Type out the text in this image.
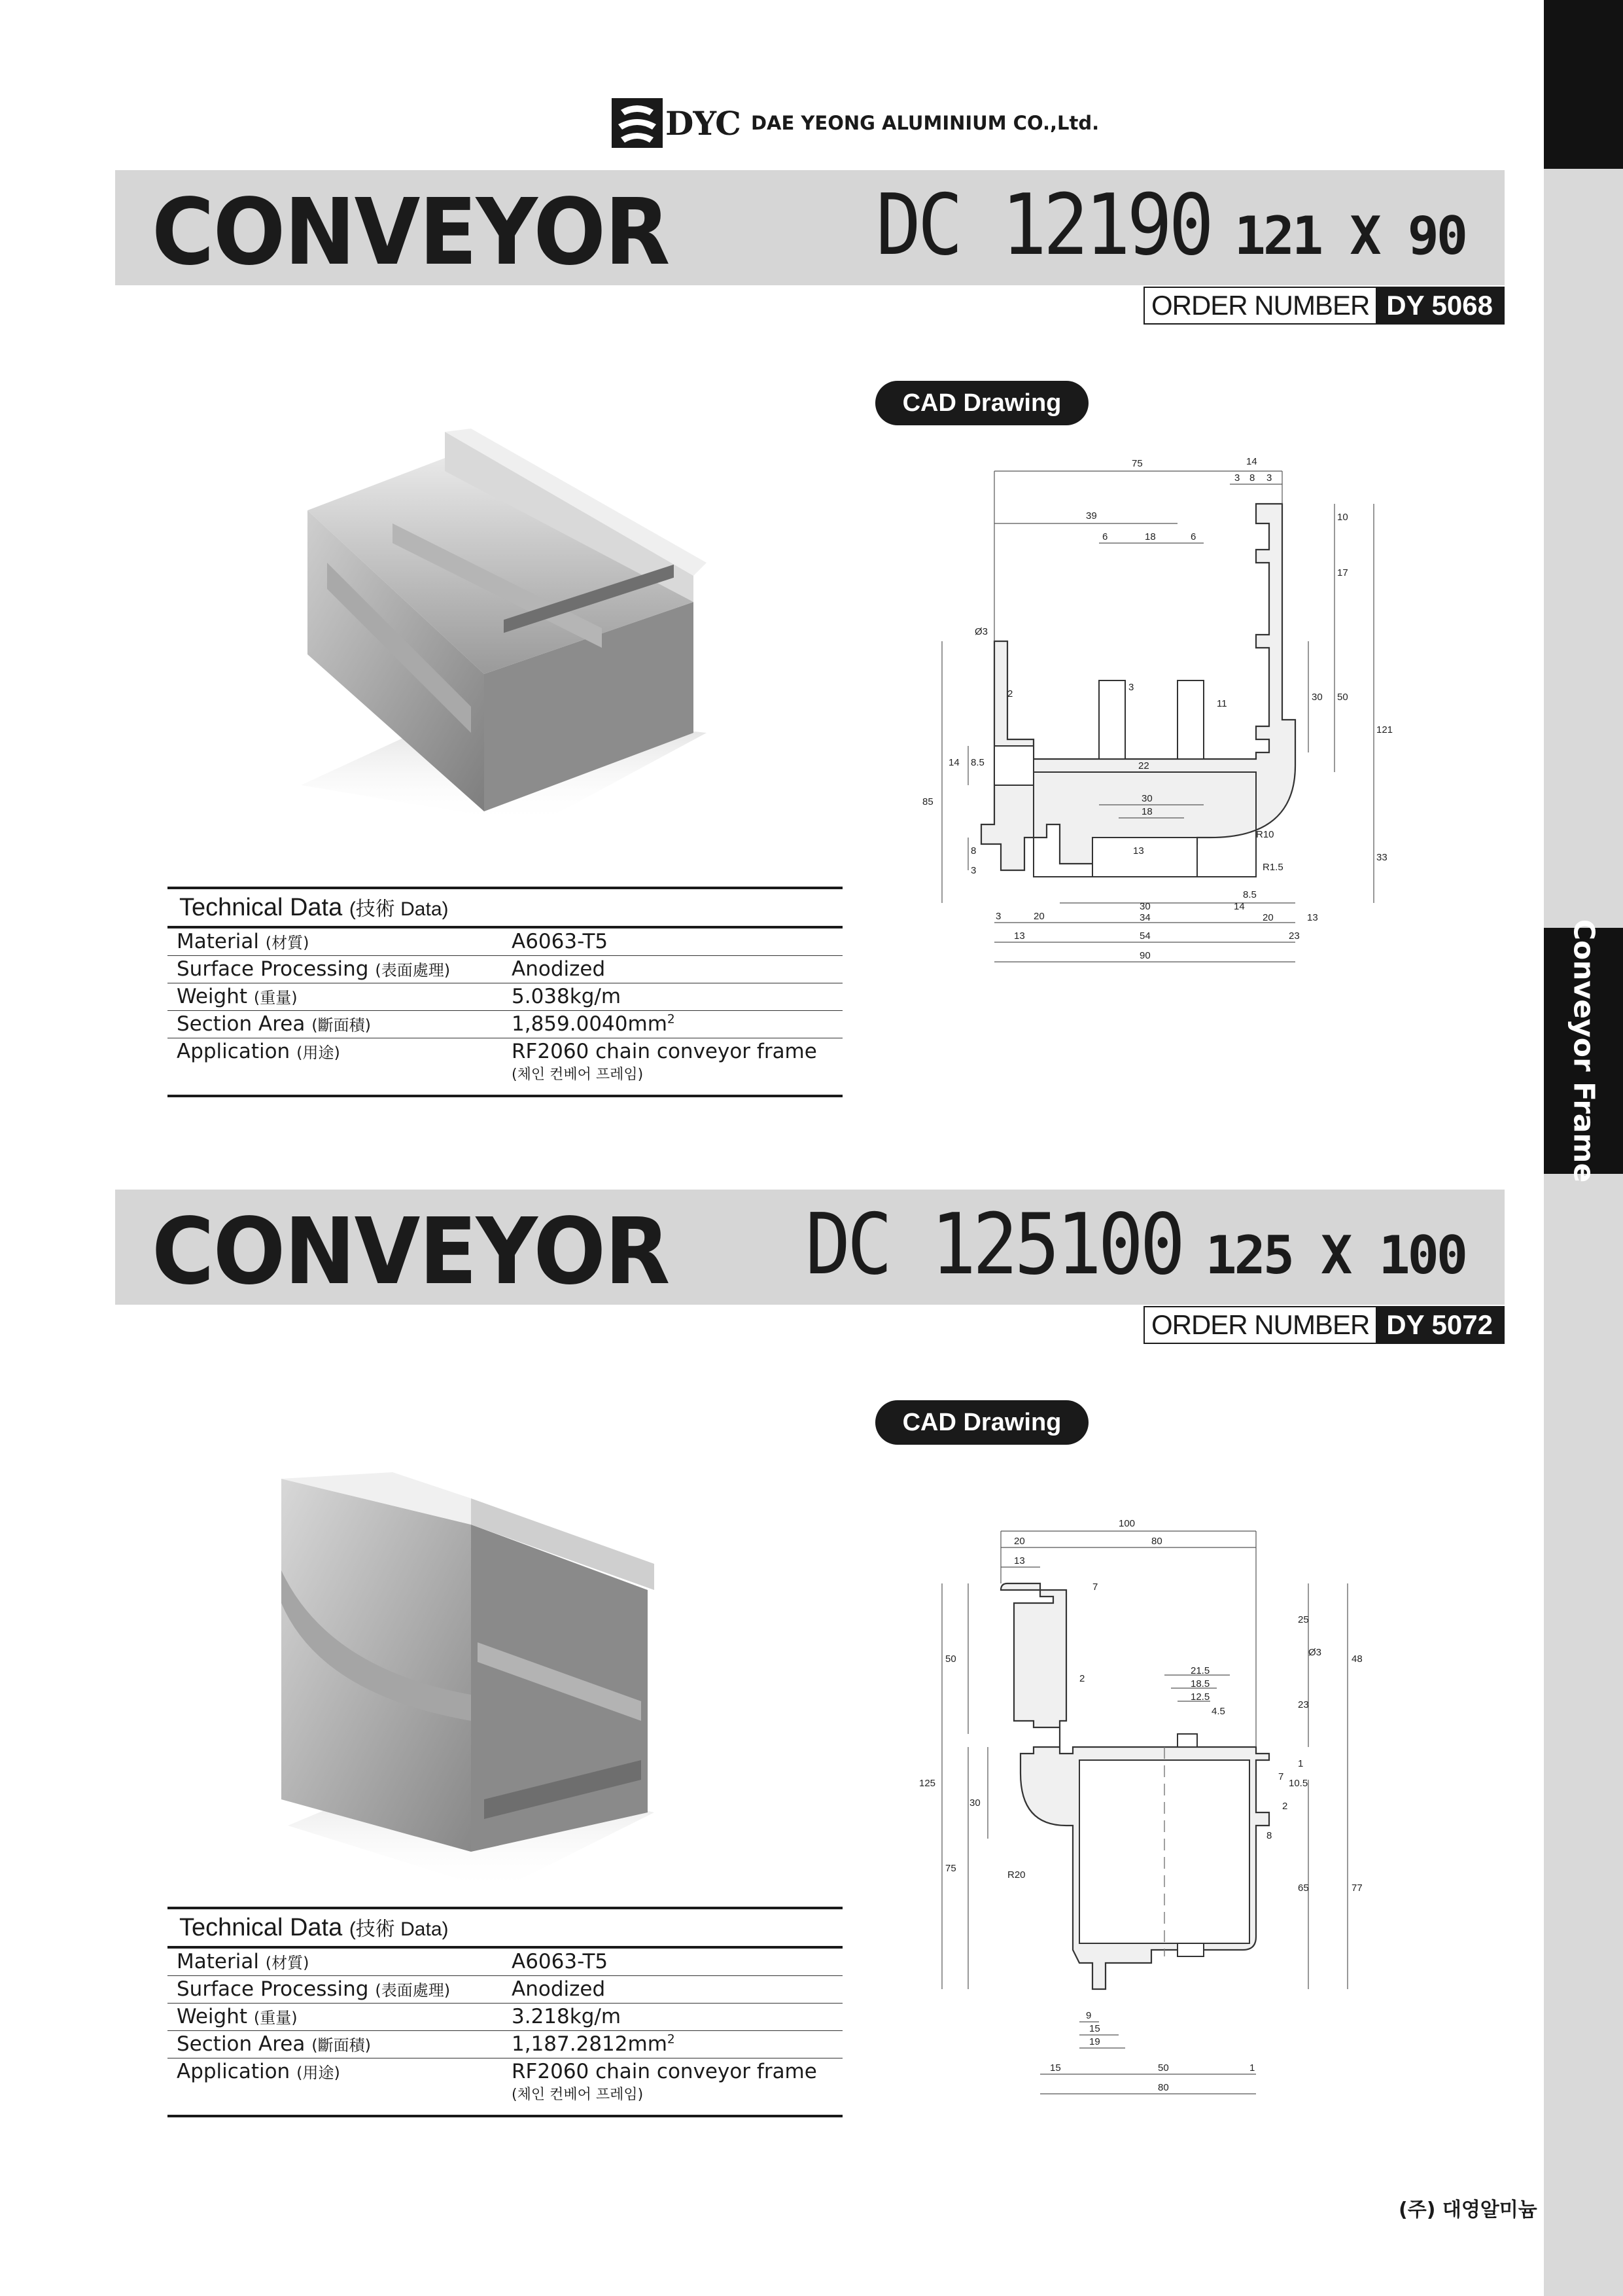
Conveyor Frame
DYC DAE YEONG ALUMINIUM CO.,Ltd.
CONVEYOR DC 12190 121 X 90
ORDER NUMBER DY 5068
CAD Drawing
Technical Data (技術 Data)
Material (材質)	A6063-T5
Surface Processing (表面處理)	Anodized
Weight (重量)	5.038kg/m
Section Area (斷面積)	$1,859.0040mm^2$
Application (用途)	RF2060 chain conveyor frame
(체인 컨베어 프레임)
75	14
3 8 3
39
6	18	6
Ø3
2
3
11
22
30 50
17
10
121
14 8.5
85
8
3
30
18
13
R10
R1.5
33
3	20
30
34
14
8.5
20	13
13	54	23
90
CONVEYOR DC 125100 125 X 100
ORDER NUMBER DY 5072
CAD Drawing
Technical Data (技術 Data)
Material (材質)	A6063-T5
Surface Processing (表面處理)	Anodized
Weight (重量)	3.218kg/m
Section Area (斷面積)	$1,187.2812mm^2$
Application (用途)	RF2060 chain conveyor frame
(체인 컨베어 프레임)
100
20	80
13
7
25
48
Ø3
23
1
7
10.5
2
8
65	77
50
2
125
30
75
R20
21.5
18.5
12.5
4.5
9
15
19
15	50	1
80
(주) 대영알미늄
